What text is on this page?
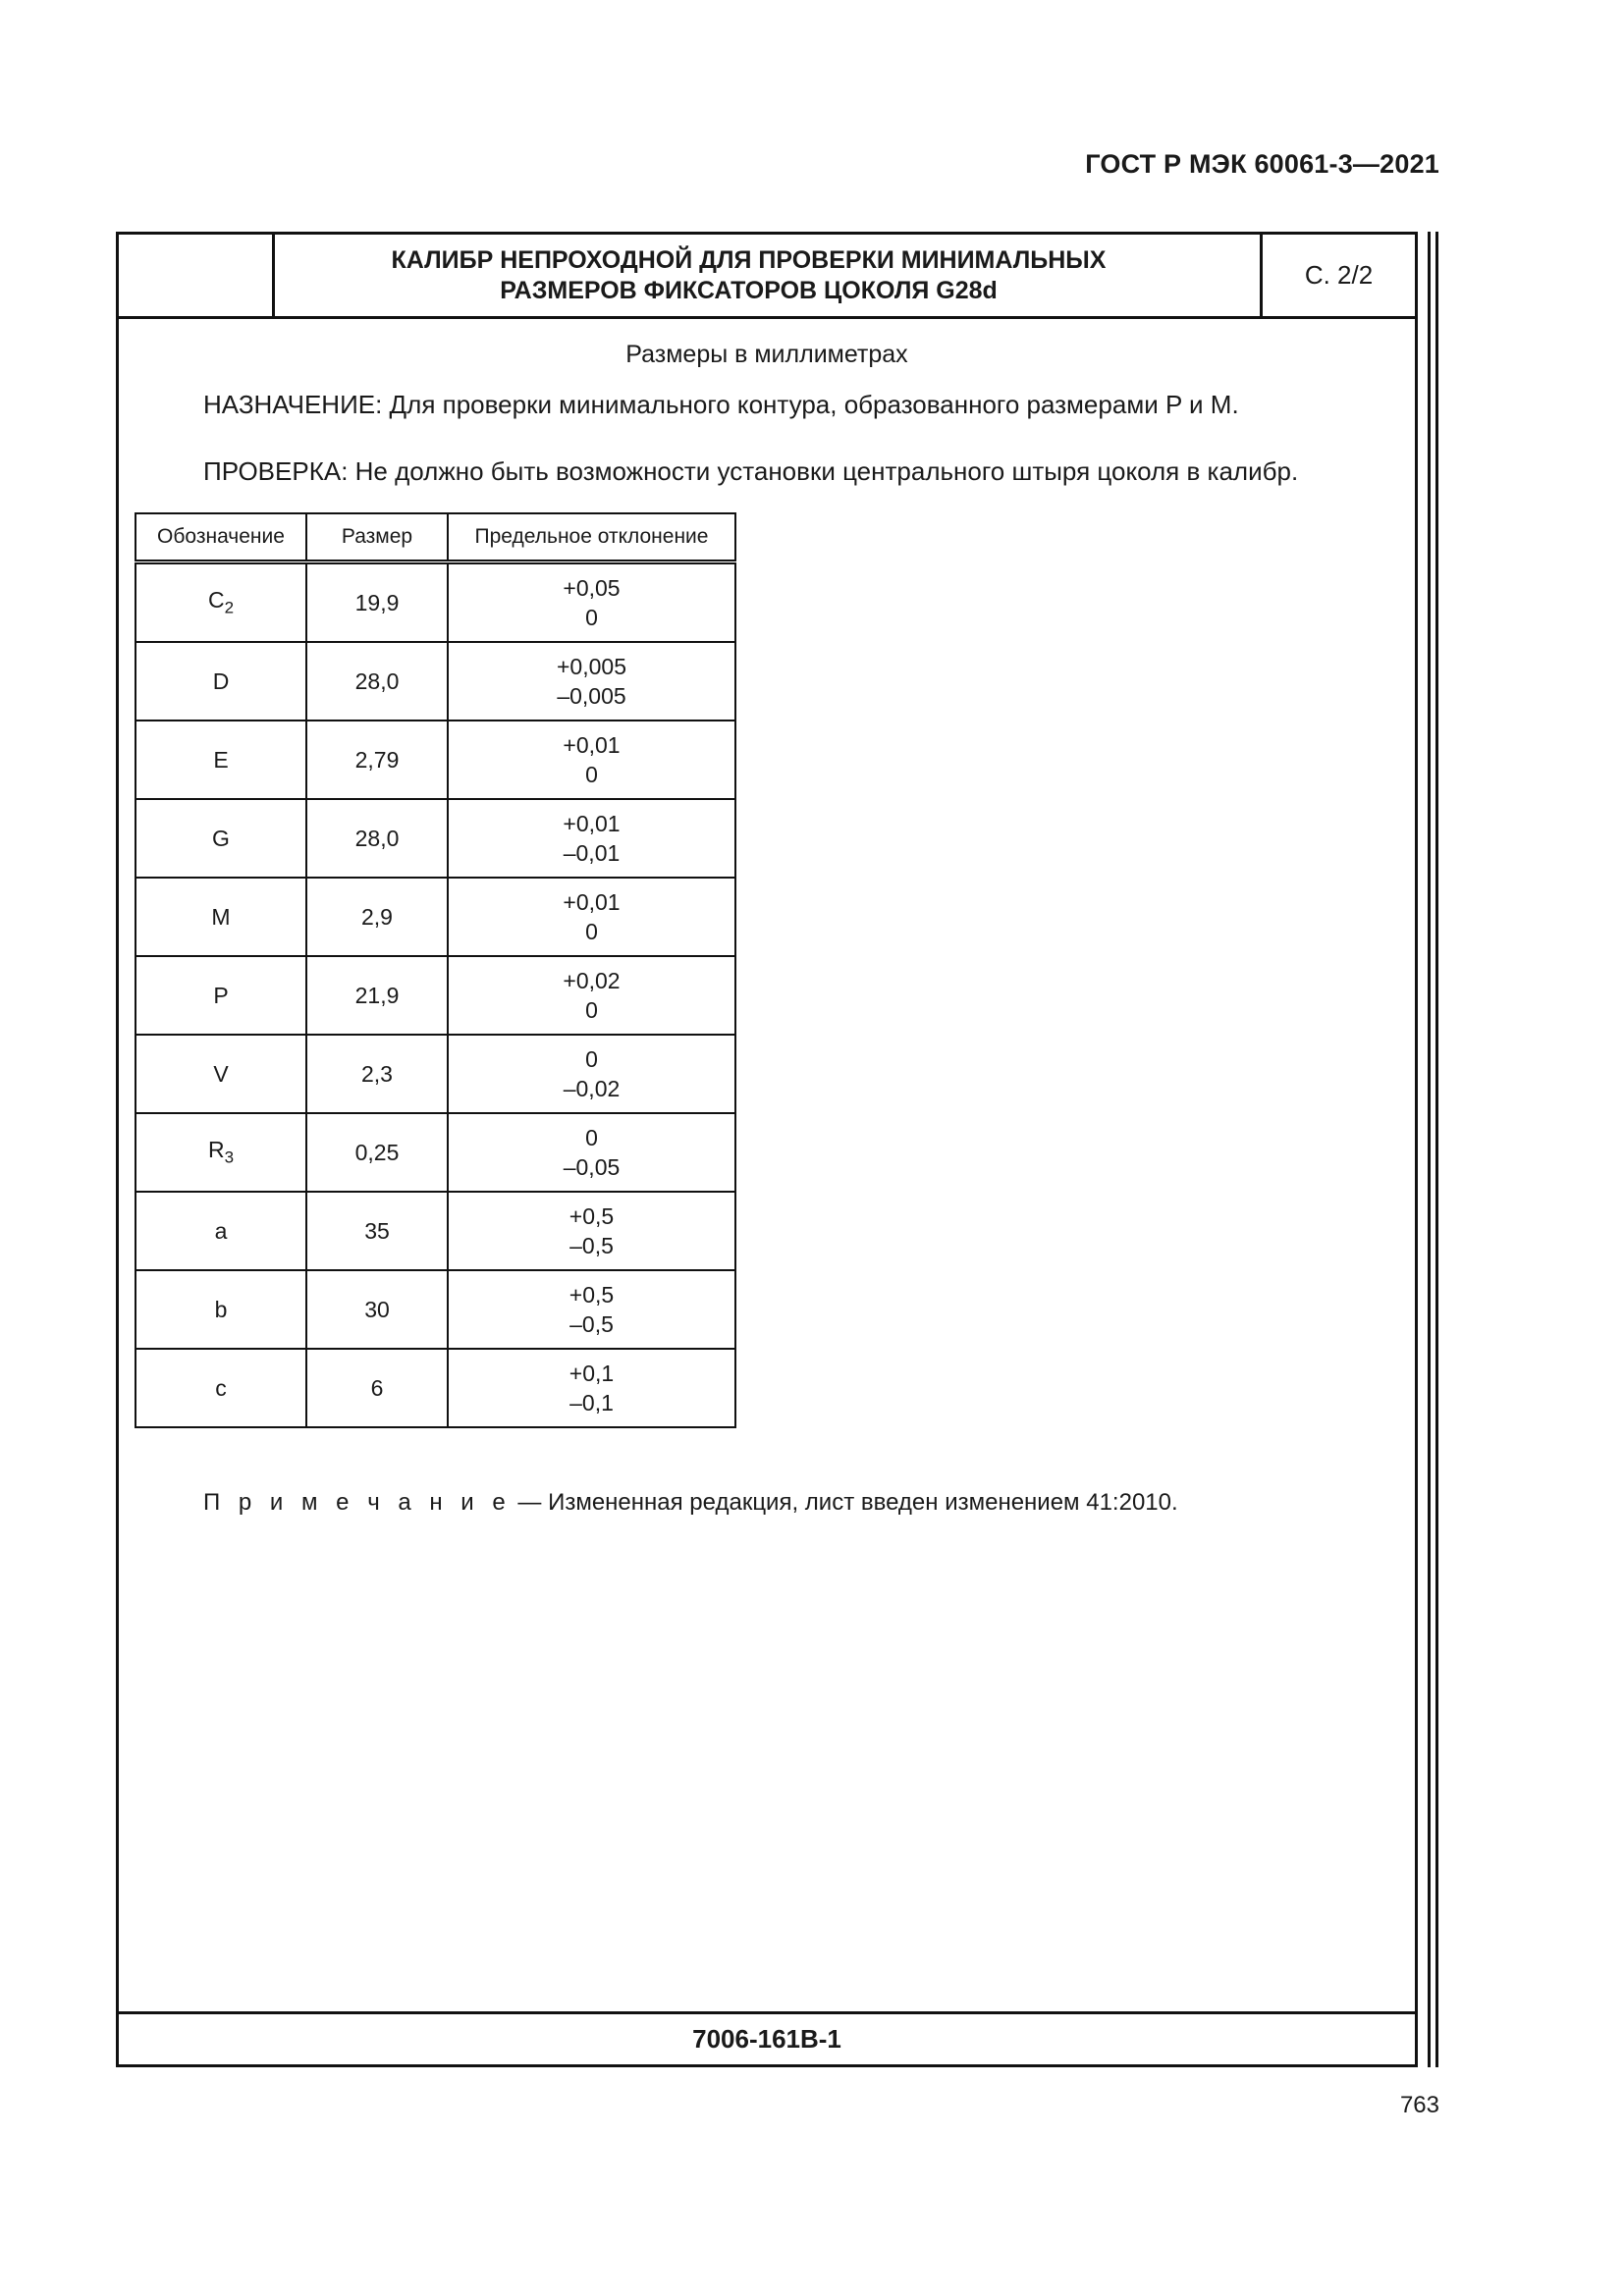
ГОСТ Р МЭК 60061-3—2021
КАЛИБР НЕПРОХОДНОЙ ДЛЯ ПРОВЕРКИ МИНИМАЛЬНЫХ
РАЗМЕРОВ ФИКСАТОРОВ ЦОКОЛЯ G28d
С. 2/2
Размеры в миллиметрах
НАЗНАЧЕНИЕ: Для проверки минимального контура, образованного размерами P и M.
ПРОВЕРКА: Не должно быть возможности установки центрального штыря цоколя в калибр.
Обозначение	Размер	Предельное отклонение
$C_2$	19,9	+0,05
0

D	28,0	+0,005
–0,005

E	2,79	+0,01
0

G	28,0	+0,01
–0,01

M	2,9	+0,01
0

P	21,9	+0,02
0

V	2,3	0
–0,02

$R_3$	0,25	0
–0,05

a	35	+0,5
–0,5

b	30	+0,5
–0,5

c	6	+0,1
–0,1
П р и м е ч а н и е — Измененная редакция, лист введен изменением 41:2010.
7006-161B-1
763
